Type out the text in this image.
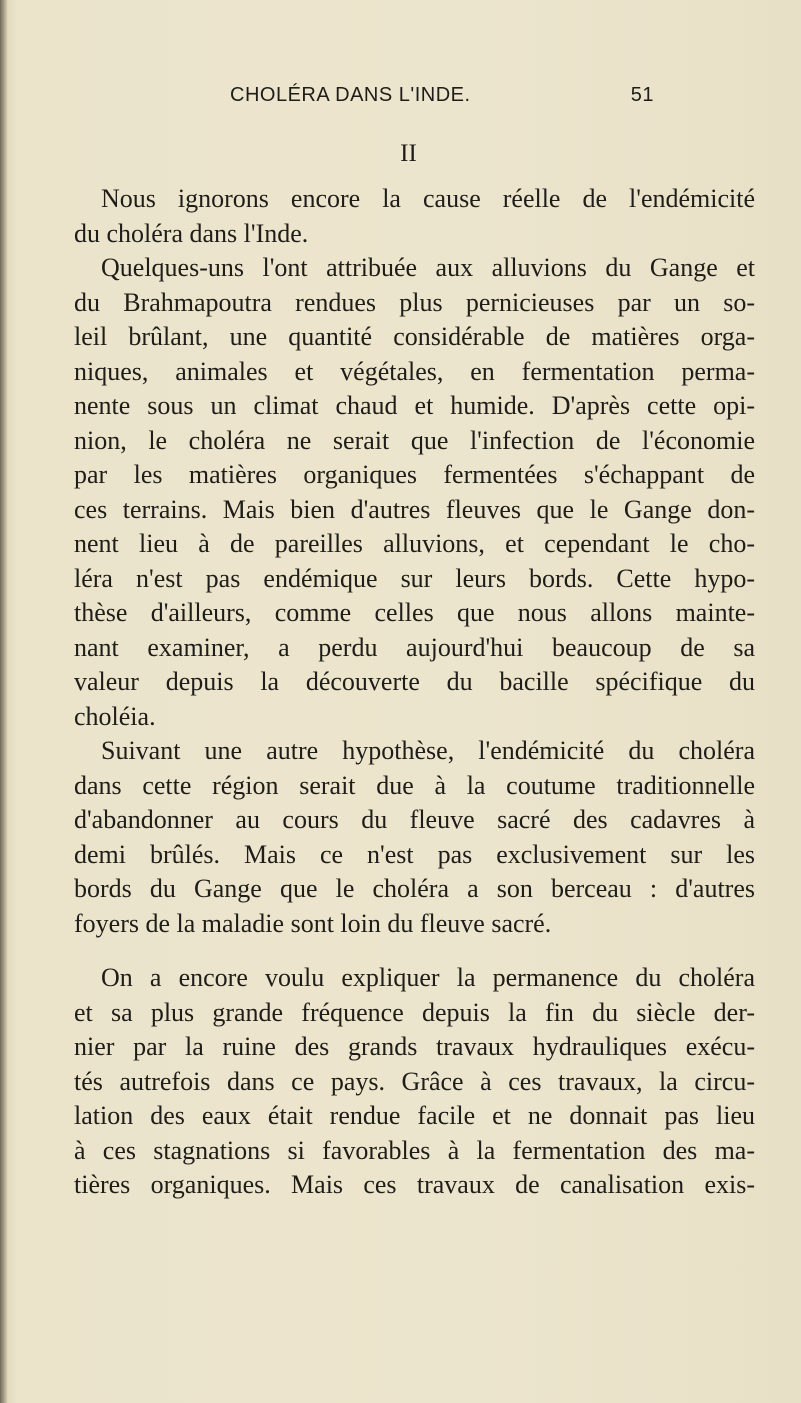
CHOLÉRA DANS L'INDE.	51
II
Nous ignorons encore la cause réelle de l'endémicité
du choléra dans l'Inde.
Quelques-uns l'ont attribuée aux alluvions du Gange et
du Brahmapoutra rendues plus pernicieuses par un so-
leil brûlant, une quantité considérable de matières orga-
niques, animales et végétales, en fermentation perma-
nente sous un climat chaud et humide. D'après cette opi-
nion, le choléra ne serait que l'infection de l'économie
par les matières organiques fermentées s'échappant de
ces terrains. Mais bien d'autres fleuves que le Gange don-
nent lieu à de pareilles alluvions, et cependant le cho-
léra n'est pas endémique sur leurs bords. Cette hypo-
thèse d'ailleurs, comme celles que nous allons mainte-
nant examiner, a perdu aujourd'hui beaucoup de sa
valeur depuis la découverte du bacille spécifique du
choléia.
Suivant une autre hypothèse, l'endémicité du choléra
dans cette région serait due à la coutume traditionnelle
d'abandonner au cours du fleuve sacré des cadavres à
demi brûlés. Mais ce n'est pas exclusivement sur les
bords du Gange que le choléra a son berceau : d'autres
foyers de la maladie sont loin du fleuve sacré.
On a encore voulu expliquer la permanence du choléra
et sa plus grande fréquence depuis la fin du siècle der-
nier par la ruine des grands travaux hydrauliques exécu-
tés autrefois dans ce pays. Grâce à ces travaux, la circu-
lation des eaux était rendue facile et ne donnait pas lieu
à ces stagnations si favorables à la fermentation des ma-
tières organiques. Mais ces travaux de canalisation exis-
